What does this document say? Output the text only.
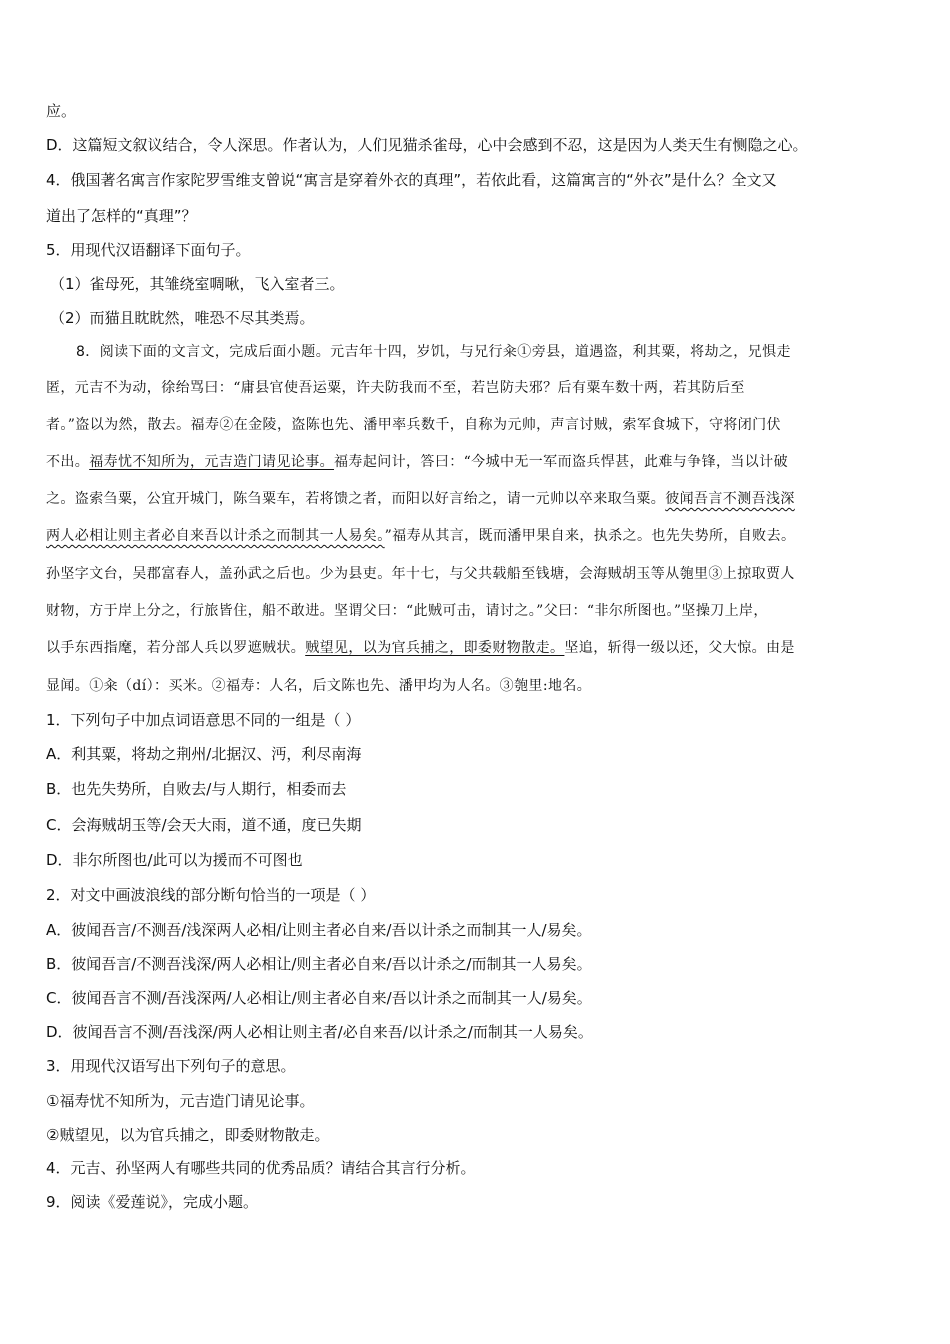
应。
D．这篇短文叙议结合，令人深思。作者认为，人们见猫杀雀母，心中会感到不忍，这是因为人类天生有恻隐之心。
4．俄国著名寓言作家陀罗雪维支曾说“寓言是穿着外衣的真理”，若依此看，这篇寓言的“外衣”是什么？全文又
道出了怎样的“真理”？
5．用现代汉语翻译下面句子。
（1）雀母死，其雏绕室啁啾，飞入室者三。
（2）而猫且眈眈然，唯恐不尽其类焉。
8．阅读下面的文言文，完成后面小题。元吉年十四，岁饥，与兄行籴①旁县，道遇盗，利其粟，将劫之，兄惧走
匿，元吉不为动，徐绐骂曰：“庸县官使吾运粟，许夫防我而不至，若岂防夫邪？后有粟车数十两，若其防后至
者。”盗以为然，散去。福寿②在金陵，盗陈也先、潘甲率兵数千，自称为元帅，声言讨贼，索军食城下，守将闭门伏
不出。福寿忧不知所为，元吉造门请见论事。福寿起问计，答曰：“今城中无一军而盗兵悍甚，此难与争锋，当以计破
之。盗索刍粟，公宜开城门，陈刍粟车，若将馈之者，而阳以好言绐之，请一元帅以卒来取刍粟。彼闻吾言不测吾浅深
两人必相让则主者必自来吾以计杀之而制其一人易矣。”福寿从其言，既而潘甲果自来，执杀之。也先失势所，自败去。
孙坚字文台，吴郡富春人，盖孙武之后也。少为县吏。年十七，与父共载船至钱塘，会海贼胡玉等从匏里③上掠取贾人
财物，方于岸上分之，行旅皆住，船不敢进。坚谓父曰：“此贼可击，请讨之。”父曰：“非尔所图也。”坚操刀上岸，
以手东西指麾，若分部人兵以罗遮贼状。贼望见，以为官兵捕之，即委财物散走。坚追，斩得一级以还，父大惊。由是
显闻。①籴（dí）：买米。②福寿：人名，后文陈也先、潘甲均为人名。③匏里:地名。
1．下列句子中加点词语意思不同的一组是（ ）
A．利其粟，将劫之荆州/北据汉、沔，利尽南海
B．也先失势所，自败去/与人期行，相委而去
C．会海贼胡玉等/会天大雨，道不通，度已失期
D．非尔所图也/此可以为援而不可图也
2．对文中画波浪线的部分断句恰当的一项是（ ）
A．彼闻吾言/不测吾/浅深两人必相/让则主者必自来/吾以计杀之而制其一人/易矣。
B．彼闻吾言/不测吾浅深/两人必相让/则主者必自来/吾以计杀之/而制其一人易矣。
C．彼闻吾言不测/吾浅深两/人必相让/则主者必自来/吾以计杀之而制其一人/易矣。
D．彼闻吾言不测/吾浅深/两人必相让则主者/必自来吾/以计杀之/而制其一人易矣。
3．用现代汉语写出下列句子的意思。
①福寿忧不知所为，元吉造门请见论事。
②贼望见，以为官兵捕之，即委财物散走。
4．元吉、孙坚两人有哪些共同的优秀品质？请结合其言行分析。
9．阅读《爱莲说》，完成小题。
